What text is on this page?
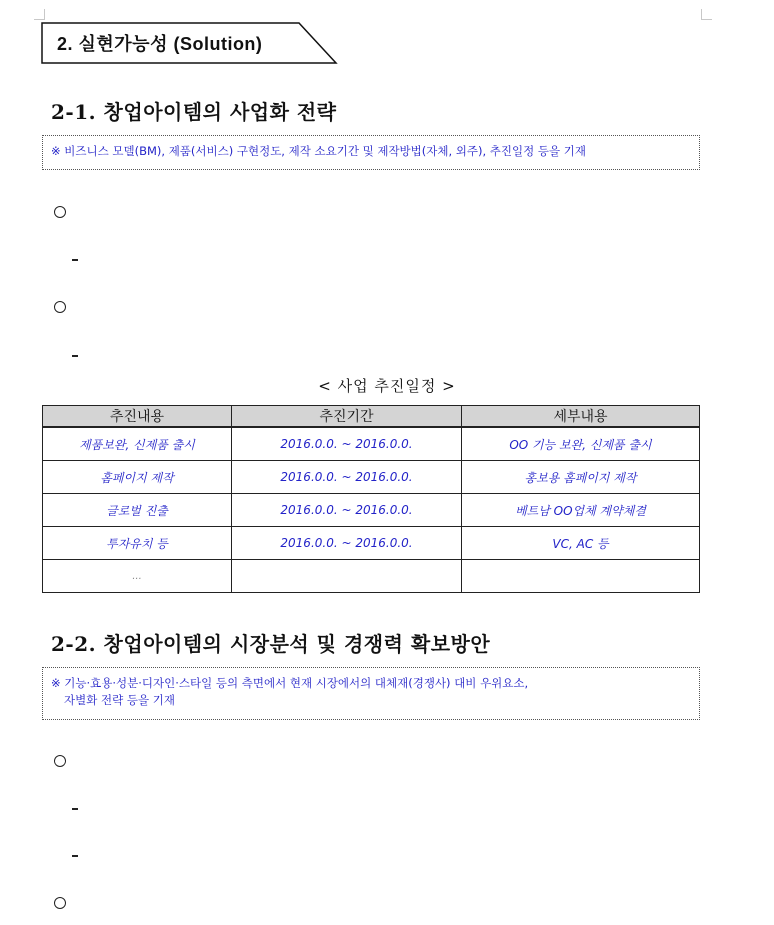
2. 실현가능성 (Solution)
2-1. 창업아이템의 사업화 전략
※ 비즈니스 모델(BM), 제품(서비스) 구현정도, 제작 소요기간 및 제작방법(자체, 외주), 추진일정 등을 기재
< 사업 추진일정 >
추진내용	추진기간	세부내용
제품보완, 신제품 출시	2016.0.0. ~ 2016.0.0.	OO 기능 보완, 신제품 출시
홈페이지 제작	2016.0.0. ~ 2016.0.0.	홍보용 홈페이지 제작
글로벌 진출	2016.0.0. ~ 2016.0.0.	베트남 OO업체 계약체결
투자유치 등	2016.0.0. ~ 2016.0.0.	VC, AC 등
...		
2-2. 창업아이템의 시장분석 및 경쟁력 확보방안
※ 기능·효용·성분·디자인·스타일 등의 측면에서 현재 시장에서의 대체재(경쟁사) 대비 우위요소,
자별화 전략 등을 기재
